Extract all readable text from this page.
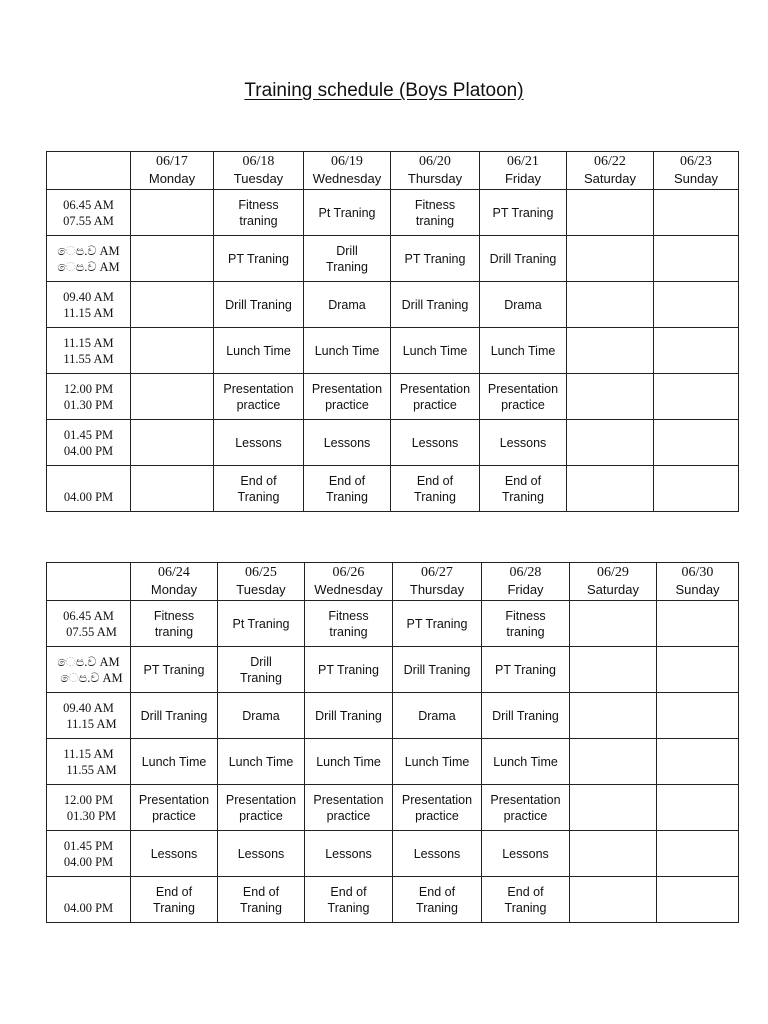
Training schedule (Boys Platoon)

	06/17
Monday	06/18
Tuesday	06/19
Wednesday	06/20
Thursday	06/21
Friday	06/22
Saturday	06/23
Sunday

06.45 AM
07.55 AM		Fitness
traning	Pt Traning	Fitness
traning	PT Traning		

ෙප.ව AM
ෙප.ව AM		PT Traning	Drill
Traning	PT Traning	Drill Traning		

09.40 AM
11.15 AM		Drill Traning	Drama	Drill Traning	Drama		

11.15 AM
11.55 AM		Lunch Time	Lunch Time	Lunch Time	Lunch Time		

12.00 PM
01.30 PM		Presentation
practice	Presentation
practice	Presentation
practice	Presentation
practice		

01.45 PM
04.00 PM		Lessons	Lessons	Lessons	Lessons		

04.00 PM		End of
Traning	End of
Traning	End of
Traning	End of
Traning		

	06/24
Monday	06/25
Tuesday	06/26
Wednesday	06/27
Thursday	06/28
Friday	06/29
Saturday	06/30
Sunday

06.45 AM
07.55 AM	Fitness
traning	Pt Traning	Fitness
traning	PT Traning	Fitness
traning		

ෙප.ව AM
ෙප.ව AM	PT Traning	Drill
Traning	PT Traning	Drill Traning	PT Traning		

09.40 AM
11.15 AM	Drill Traning	Drama	Drill Traning	Drama	Drill Traning		

11.15 AM
11.55 AM	Lunch Time	Lunch Time	Lunch Time	Lunch Time	Lunch Time		

12.00 PM
01.30 PM	Presentation
practice	Presentation
practice	Presentation
practice	Presentation
practice	Presentation
practice		

01.45 PM
04.00 PM	Lessons	Lessons	Lessons	Lessons	Lessons		

04.00 PM	End of
Traning	End of
Traning	End of
Traning	End of
Traning	End of
Traning		
